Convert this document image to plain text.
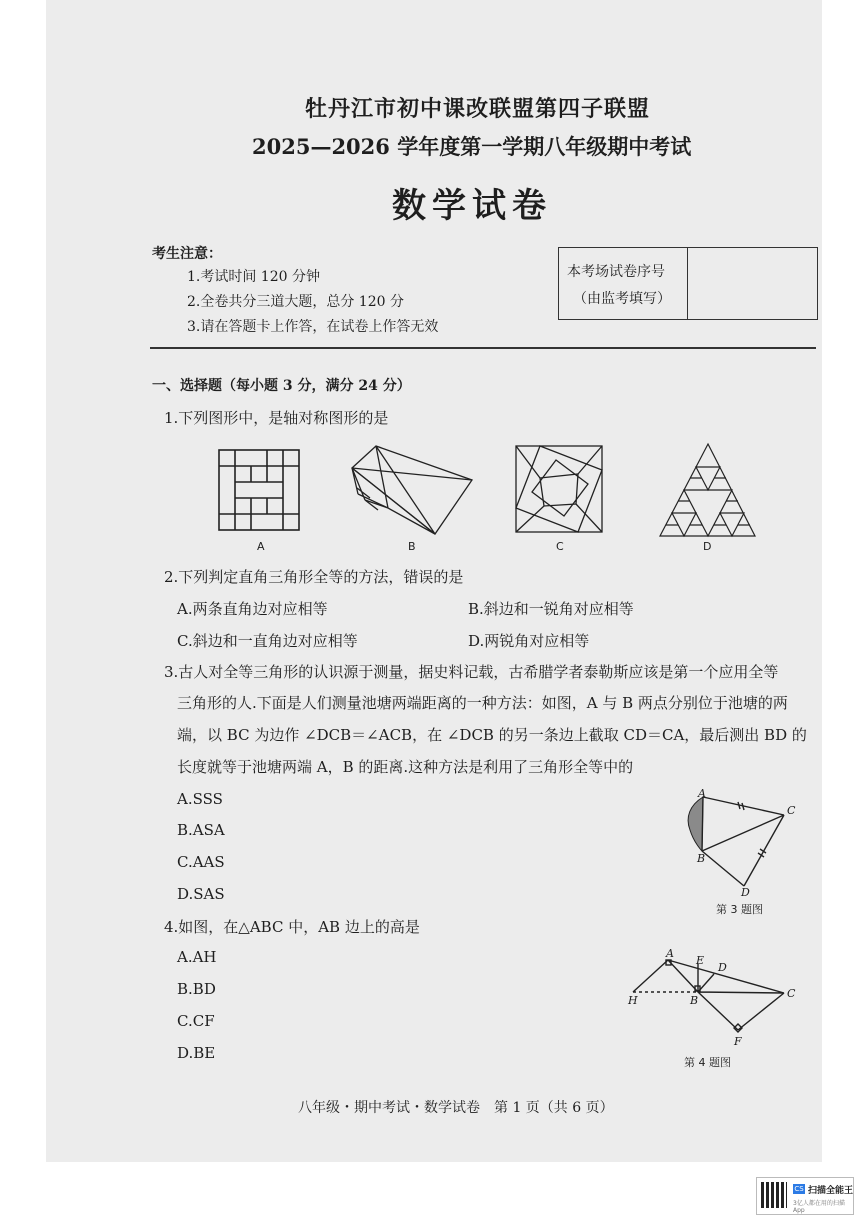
牡丹江市初中课改联盟第四子联盟
2025—2026 学年度第一学期八年级期中考试
数学试卷
考生注意：
1.考试时间 120 分钟
2.全卷共分三道大题，总分 120 分
3.请在答题卡上作答，在试卷上作答无效
本考场试卷序号
（由监考填写）
一、选择题（每小题 3 分，满分 24 分）
1.下列图形中，是轴对称图形的是
A	B	C	D
2.下列判定直角三角形全等的方法，错误的是
A.两条直角边对应相等	B.斜边和一锐角对应相等
C.斜边和一直角边对应相等	D.两锐角对应相等
3.古人对全等三角形的认识源于测量，据史料记载，古希腊学者泰勒斯应该是第一个应用全等
三角形的人.下面是人们测量池塘两端距离的一种方法：如图，A 与 B 两点分别位于池塘的两
端，以 BC 为边作 ∠DCB＝∠ACB，在 ∠DCB 的另一条边上截取 CD＝CA，最后测出 BD 的
长度就等于池塘两端 A，B 的距离.这种方法是利用了三角形全等中的
A.SSS
B.ASA
C.AAS
D.SAS
A
C
B
D
第 3 题图
4.如图，在△ABC 中，AB 边上的高是
A.AH
B.BD
C.CF
D.BE
A
E
D
H	B
C
F
第 4 题图
八年级・期中考试・数学试卷　第 1 页（共 6 页）
CS 扫描全能王
3亿人都在用的扫描App
